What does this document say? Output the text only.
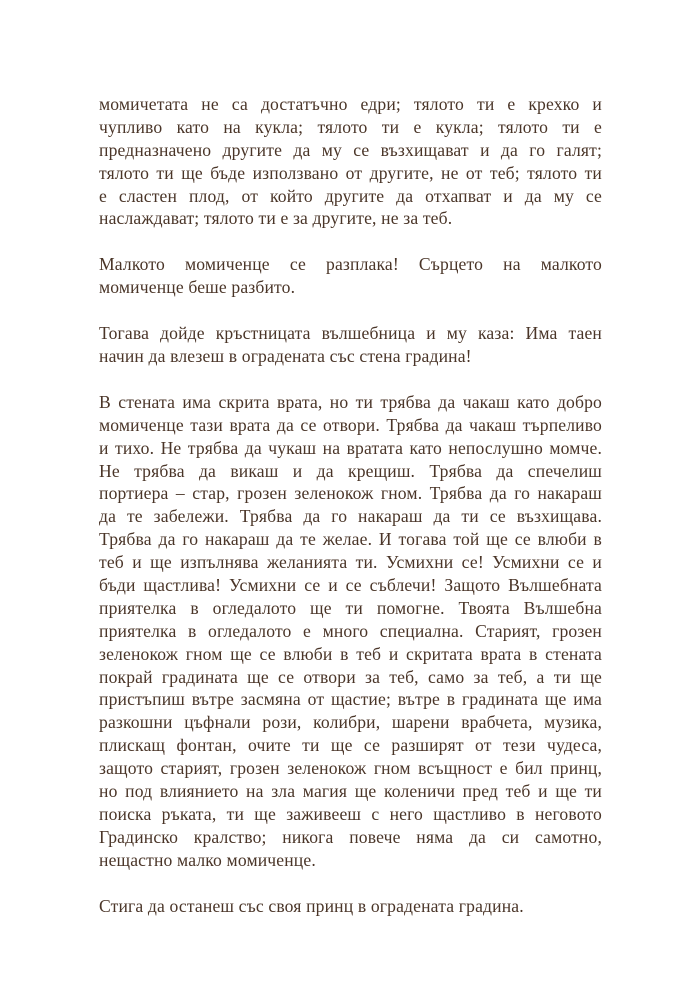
момичетата не са достатъчно едри; тялото ти е крехко и
чупливо като на кукла; тялото ти е кукла; тялото ти е
предназначено другите да му се възхищават и да го галят;
тялото ти ще бъде използвано от другите, не от теб; тялото ти
е сластен плод, от който другите да отхапват и да му се
наслаждават; тялото ти е за другите, не за теб.
Малкото момиченце се разплака! Сърцето на малкото
момиченце беше разбито.
Тогава дойде кръстницата вълшебница и му каза: Има таен
начин да влезеш в оградената със стена градина!
В стената има скрита врата, но ти трябва да чакаш като добро
момиченце тази врата да се отвори. Трябва да чакаш търпеливо
и тихо. Не трябва да чукаш на вратата като непослушно момче.
Не трябва да викаш и да крещиш. Трябва да спечелиш
портиера – стар, грозен зеленокож гном. Трябва да го накараш
да те забележи. Трябва да го накараш да ти се възхищава.
Трябва да го накараш да те желае. И тогава той ще се влюби в
теб и ще изпълнява желанията ти. Усмихни се! Усмихни се и
бъди щастлива! Усмихни се и се съблечи! Защото Вълшебната
приятелка в огледалото ще ти помогне. Твоята Вълшебна
приятелка в огледалото е много специална. Старият, грозен
зеленокож гном ще се влюби в теб и скритата врата в стената
покрай градината ще се отвори за теб, само за теб, а ти ще
пристъпиш вътре засмяна от щастие; вътре в градината ще има
разкошни цъфнали рози, колибри, шарени врабчета, музика,
плискащ фонтан, очите ти ще се разширят от тези чудеса,
защото старият, грозен зеленокож гном всъщност е бил принц,
но под влиянието на зла магия ще коленичи пред теб и ще ти
поиска ръката, ти ще заживееш с него щастливо в неговото
Градинско кралство; никога повече няма да си самотно,
нещастно малко момиченце.
Стига да останеш със своя принц в оградената градина.
